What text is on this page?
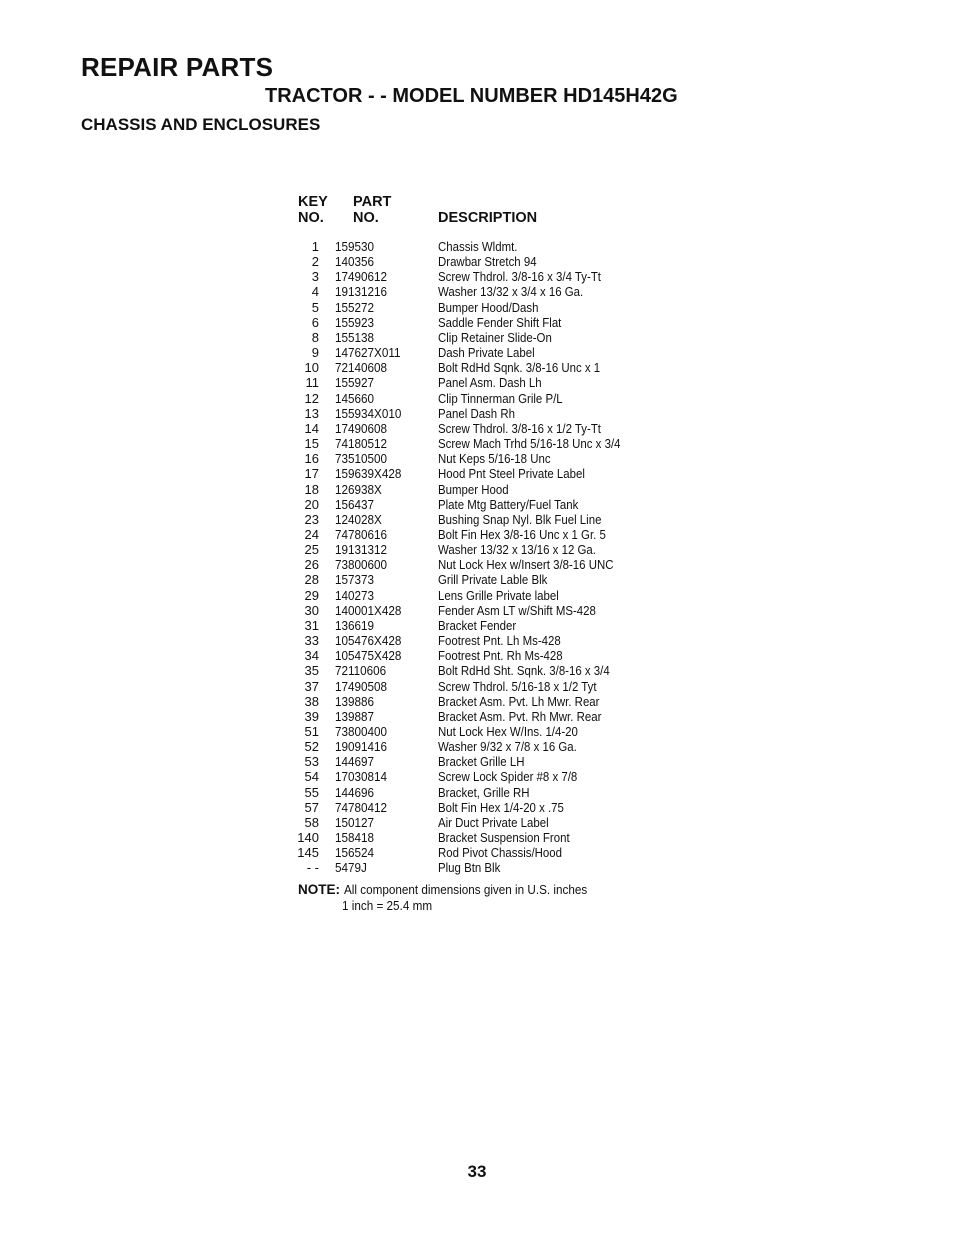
REPAIR PARTS
TRACTOR - - MODEL NUMBER HD145H42G
CHASSIS AND ENCLOSURES
KEY
NO.
PART
NO.	DESCRIPTION
1 159530	Chassis Wldmt.
2 140356	Drawbar Stretch 94
3 17490612	Screw Thdrol. 3/8-16 x 3/4 Ty-Tt
4 19131216	Washer 13/32 x 3/4 x 16 Ga.
5 155272	Bumper Hood/Dash
6 155923	Saddle Fender Shift Flat
8 155138	Clip Retainer Slide-On
9 147627X011	Dash Private Label
10 72140608	Bolt RdHd Sqnk. 3/8-16 Unc x 1
11 155927	Panel Asm. Dash Lh
12 145660	Clip Tinnerman Grile P/L
13 155934X010	Panel Dash Rh
14 17490608	Screw Thdrol. 3/8-16 x 1/2 Ty-Tt
15 74180512	Screw Mach Trhd 5/16-18 Unc x 3/4
16 73510500	Nut Keps 5/16-18 Unc
17 159639X428	Hood Pnt Steel Private Label
18 126938X	Bumper Hood
20 156437	Plate Mtg Battery/Fuel Tank
23 124028X	Bushing Snap Nyl. Blk Fuel Line
24 74780616	Bolt Fin Hex 3/8-16 Unc x 1 Gr. 5
25 19131312	Washer 13/32 x 13/16 x 12 Ga.
26 73800600	Nut Lock Hex w/Insert 3/8-16 UNC
28 157373	Grill Private Lable Blk
29 140273	Lens Grille Private label
30 140001X428	Fender Asm LT w/Shift MS-428
31 136619	Bracket Fender
33 105476X428	Footrest Pnt. Lh Ms-428
34 105475X428	Footrest Pnt. Rh Ms-428
35 72110606	Bolt RdHd Sht. Sqnk. 3/8-16 x 3/4
37 17490508	Screw Thdrol. 5/16-18 x 1/2 Tyt
38 139886	Bracket Asm. Pvt. Lh Mwr. Rear
39 139887	Bracket Asm. Pvt. Rh Mwr. Rear
51 73800400	Nut Lock Hex W/Ins. 1/4-20
52 19091416	Washer 9/32 x 7/8 x 16 Ga.
53 144697	Bracket Grille LH
54 17030814	Screw Lock Spider #8 x 7/8
55 144696	Bracket, Grille RH
57 74780412	Bolt Fin Hex 1/4-20 x .75
58 150127	Air Duct Private Label
140 158418	Bracket Suspension Front
145 156524	Rod Pivot Chassis/Hood
- - 5479J	Plug Btn Blk
NOTE: All component dimensions given in U.S. inches
1 inch = 25.4 mm
33
